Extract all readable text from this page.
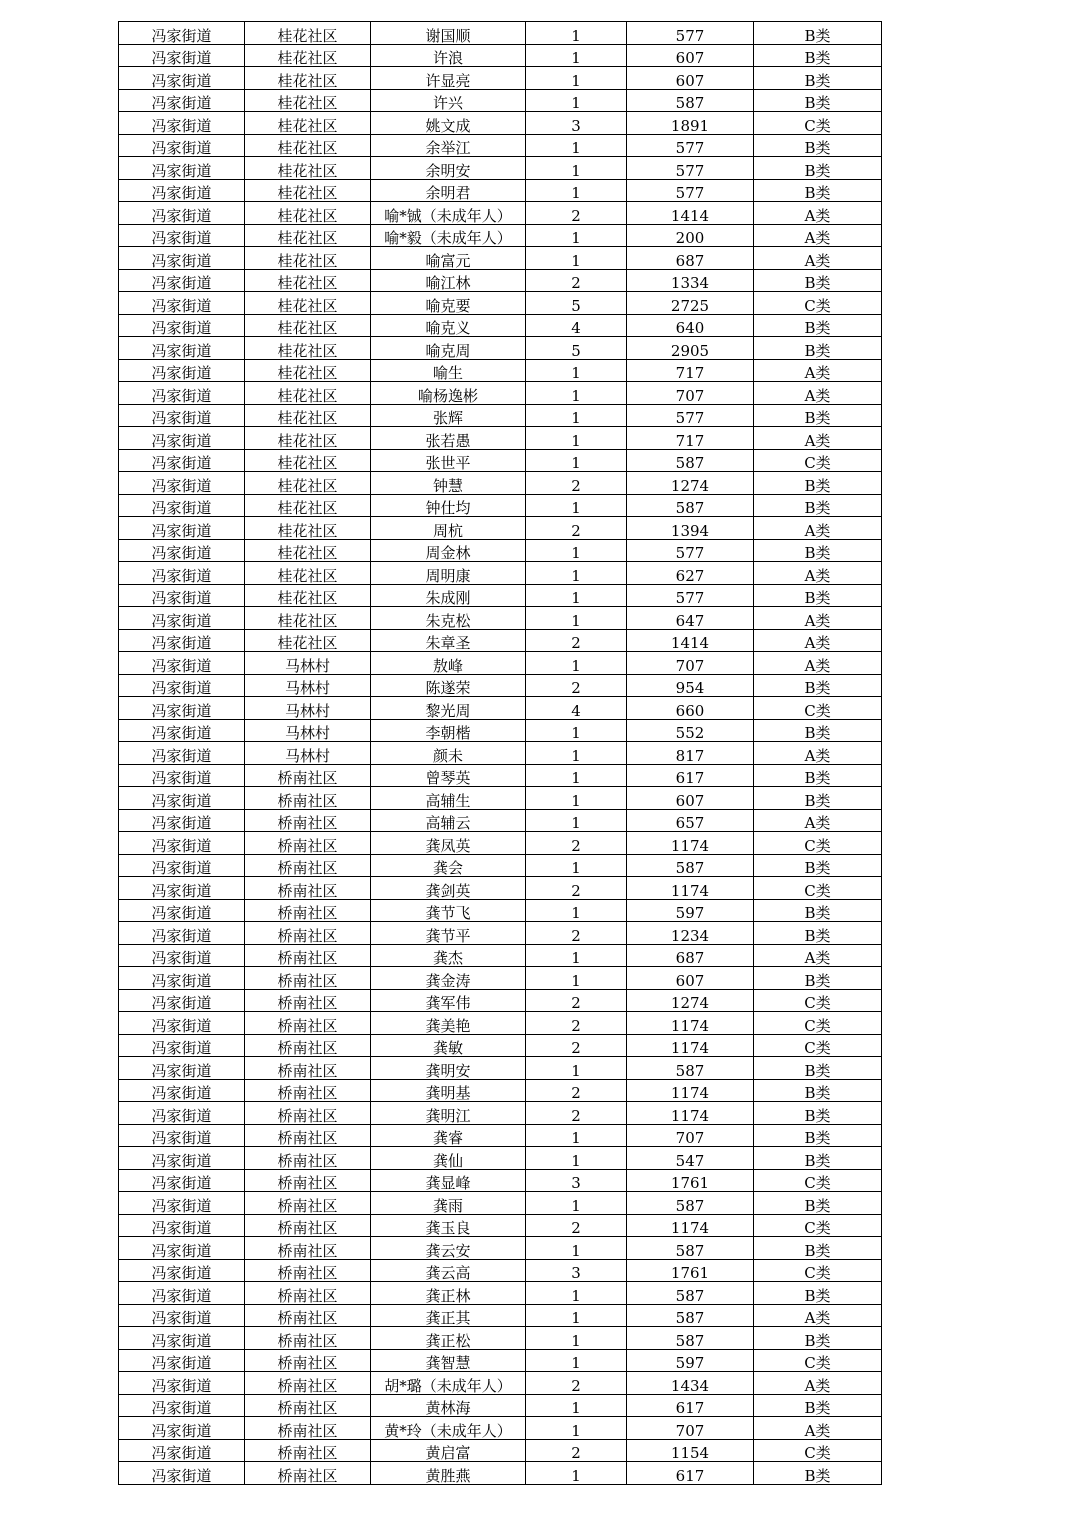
冯家街道	桂花社区	谢国顺	1	577	B类
冯家街道	桂花社区	许浪	1	607	B类
冯家街道	桂花社区	许显亮	1	607	B类
冯家街道	桂花社区	许兴	1	587	B类
冯家街道	桂花社区	姚文成	3	1891	C类
冯家街道	桂花社区	余举江	1	577	B类
冯家街道	桂花社区	余明安	1	577	B类
冯家街道	桂花社区	余明君	1	577	B类
冯家街道	桂花社区	喻*铖（未成年人）	2	1414	A类
冯家街道	桂花社区	喻*毅（未成年人）	1	200	A类
冯家街道	桂花社区	喻富元	1	687	A类
冯家街道	桂花社区	喻江林	2	1334	B类
冯家街道	桂花社区	喻克要	5	2725	C类
冯家街道	桂花社区	喻克义	4	640	B类
冯家街道	桂花社区	喻克周	5	2905	B类
冯家街道	桂花社区	喻生	1	717	A类
冯家街道	桂花社区	喻杨逸彬	1	707	A类
冯家街道	桂花社区	张辉	1	577	B类
冯家街道	桂花社区	张若愚	1	717	A类
冯家街道	桂花社区	张世平	1	587	C类
冯家街道	桂花社区	钟慧	2	1274	B类
冯家街道	桂花社区	钟仕均	1	587	B类
冯家街道	桂花社区	周杭	2	1394	A类
冯家街道	桂花社区	周金林	1	577	B类
冯家街道	桂花社区	周明康	1	627	A类
冯家街道	桂花社区	朱成刚	1	577	B类
冯家街道	桂花社区	朱克松	1	647	A类
冯家街道	桂花社区	朱章圣	2	1414	A类
冯家街道	马林村	敖峰	1	707	A类
冯家街道	马林村	陈遂荣	2	954	B类
冯家街道	马林村	黎光周	4	660	C类
冯家街道	马林村	李朝楷	1	552	B类
冯家街道	马林村	颜未	1	817	A类
冯家街道	桥南社区	曾琴英	1	617	B类
冯家街道	桥南社区	高辅生	1	607	B类
冯家街道	桥南社区	高辅云	1	657	A类
冯家街道	桥南社区	龚凤英	2	1174	C类
冯家街道	桥南社区	龚会	1	587	B类
冯家街道	桥南社区	龚剑英	2	1174	C类
冯家街道	桥南社区	龚节飞	1	597	B类
冯家街道	桥南社区	龚节平	2	1234	B类
冯家街道	桥南社区	龚杰	1	687	A类
冯家街道	桥南社区	龚金涛	1	607	B类
冯家街道	桥南社区	龚军伟	2	1274	C类
冯家街道	桥南社区	龚美艳	2	1174	C类
冯家街道	桥南社区	龚敏	2	1174	C类
冯家街道	桥南社区	龚明安	1	587	B类
冯家街道	桥南社区	龚明基	2	1174	B类
冯家街道	桥南社区	龚明江	2	1174	B类
冯家街道	桥南社区	龚睿	1	707	B类
冯家街道	桥南社区	龚仙	1	547	B类
冯家街道	桥南社区	龚显峰	3	1761	C类
冯家街道	桥南社区	龚雨	1	587	B类
冯家街道	桥南社区	龚玉良	2	1174	C类
冯家街道	桥南社区	龚云安	1	587	B类
冯家街道	桥南社区	龚云高	3	1761	C类
冯家街道	桥南社区	龚正林	1	587	B类
冯家街道	桥南社区	龚正其	1	587	A类
冯家街道	桥南社区	龚正松	1	587	B类
冯家街道	桥南社区	龚智慧	1	597	C类
冯家街道	桥南社区	胡*璐（未成年人）	2	1434	A类
冯家街道	桥南社区	黄林海	1	617	B类
冯家街道	桥南社区	黄*玲（未成年人）	1	707	A类
冯家街道	桥南社区	黄启富	2	1154	C类
冯家街道	桥南社区	黄胜燕	1	617	B类
